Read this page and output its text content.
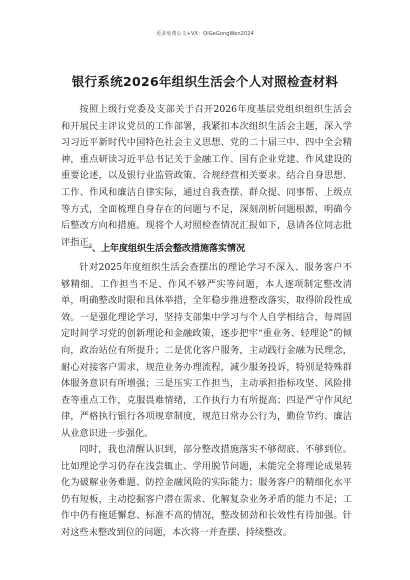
更多免费公文+VX：QiGeGongWen2024
银行系统2026年组织生活会个人对照检查材料

按照上级行党委及支部关于召开2026年度基层党组织组织生活会和开展民主评议党员的工作部署，我紧扣本次组织生活会主题，深入学习习近平新时代中国特色社会主义思想、党的二十届三中、四中全会精神，重点研读习近平总书记关于金融工作、国有企业党建、作风建设的重要论述，以及银行业监管政策、合规经营相关要求。结合自身思想、工作、作风和廉洁自律实际，通过自我查摆、群众提、同事帮、上级点等方式，全面梳理自身存在的问题与不足，深刻剖析问题根源，明确今后整改方向和措施。现将个人对照检查情况汇报如下，恳请各位同志批评指正。

一、上年度组织生活会整改措施落实情况

针对2025年度组织生活会查摆出的理论学习不深入、服务客户不够精细、工作担当不足、作风不够严实等问题，本人逐项制定整改清单，明确整改时限和具体举措，全年稳步推进整改落实，取得阶段性成效。一是强化理论学习，坚持支部集中学习与个人自学相结合，每周固定时间学习党的创新理论和金融政策，逐步把牢“重业务、轻理论”的倾向，政治站位有所提升；二是优化客户服务，主动践行金融为民理念，耐心对接客户需求，规范业务办理流程，减少服务投诉，特别是特殊群体服务意识有所增强；三是压实工作担当，主动承担指标攻坚、风险排查等重点工作，克服畏难情绪，工作执行力有所提高；四是严守作风纪律，严格执行银行各项规章制度，规范日常办公行为，勤俭节约、廉洁从业意识进一步强化。

同时，我也清醒认识到，部分整改措施落实不够彻底、不够到位。比如理论学习仍存在浅尝辄止、学用脱节问题，未能完全将理论成果转化为破解业务难题、防控金融风险的实际能力；服务客户的精细化水平仍有短板，主动挖掘客户潜在需求、化解复杂业务矛盾的能力不足；工作中仍有拖延懈怠、标准不高的情况，整改韧劲和长效性有待加强。针对这些未整改到位的问题，本次将一并查摆、持续整改。
